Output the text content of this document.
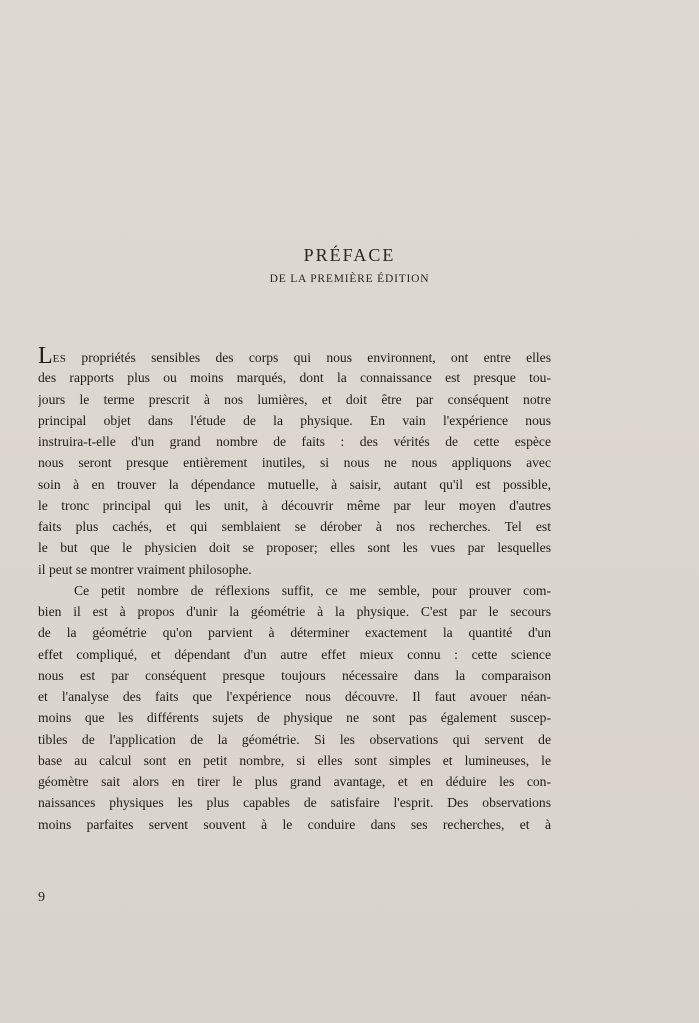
PRÉFACE
DE LA PREMIÈRE ÉDITION
LES propriétés sensibles des corps qui nous environnent, ont entre elles
des rapports plus ou moins marqués, dont la connaissance est presque tou-
jours le terme prescrit à nos lumières, et doit être par conséquent notre
principal objet dans l'étude de la physique. En vain l'expérience nous
instruira-t-elle d'un grand nombre de faits : des vérités de cette espèce
nous seront presque entièrement inutiles, si nous ne nous appliquons avec
soin à en trouver la dépendance mutuelle, à saisir, autant qu'il est possible,
le tronc principal qui les unit, à découvrir même par leur moyen d'autres
faits plus cachés, et qui semblaient se dérober à nos recherches. Tel est
le but que le physicien doit se proposer; elles sont les vues par lesquelles
il peut se montrer vraiment philosophe.
Ce petit nombre de réflexions suffit, ce me semble, pour prouver com-
bien il est à propos d'unir la géométrie à la physique. C'est par le secours
de la géométrie qu'on parvient à déterminer exactement la quantité d'un
effet compliqué, et dépendant d'un autre effet mieux connu : cette science
nous est par conséquent presque toujours nécessaire dans la comparaison
et l'analyse des faits que l'expérience nous découvre. Il faut avouer néan-
moins que les différents sujets de physique ne sont pas également suscep-
tibles de l'application de la géométrie. Si les observations qui servent de
base au calcul sont en petit nombre, si elles sont simples et lumineuses, le
géomètre sait alors en tirer le plus grand avantage, et en déduire les con-
naissances physiques les plus capables de satisfaire l'esprit. Des observations
moins parfaites servent souvent à le conduire dans ses recherches, et à
9
